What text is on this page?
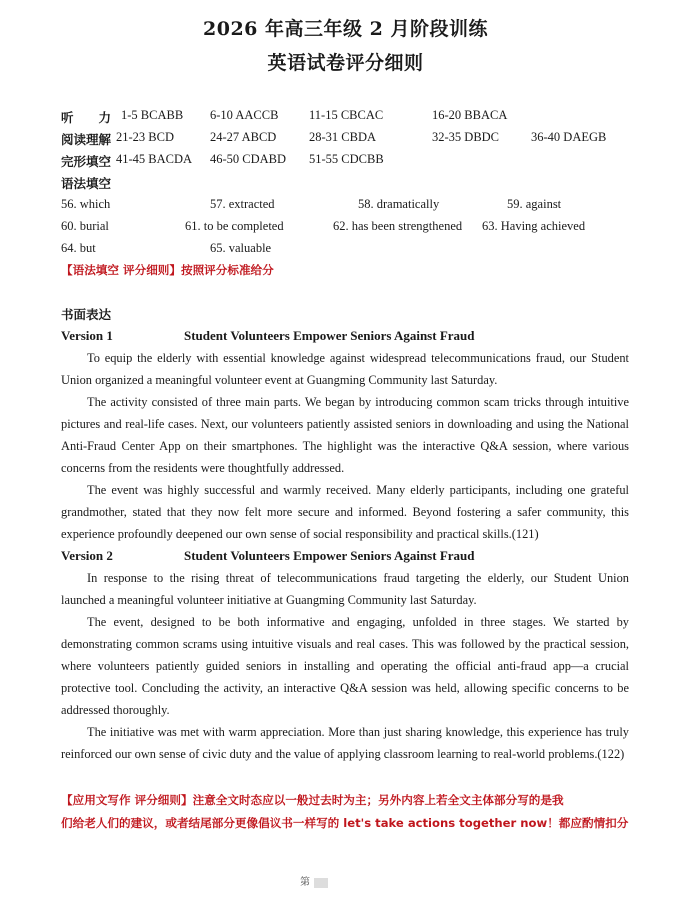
2026 年高三年级 2 月阶段训练
英语试卷评分细则
听　　力 1-5 BCABB 6-10 AACCB 11-15 CBCAC	16-20 BBACA
阅读理解 21-23 BCD	24-27 ABCD	28-31 CBDA	32-35 DBDC	36-40 DAEGB
完形填空 41-45 BACDA 46-50 CDABD 51-55 CDCBB
语法填空
56. which	57. extracted	58. dramatically	59. against
60. burial	61. to be completed	62. has been strengthened 63. Having achieved
64. but	65. valuable
【语法填空 评分细则】按照评分标准给分
书面表达
Version 1	Student Volunteers Empower Seniors Against Fraud
To equip the elderly with essential knowledge against widespread telecommunications fraud, our Student Union organized a meaningful volunteer event at Guangming Community last Saturday.
The activity consisted of three main parts. We began by introducing common scam tricks through intuitive pictures and real-life cases. Next, our volunteers patiently assisted seniors in downloading and using the National Anti-Fraud Center App on their smartphones. The highlight was the interactive Q&A session, where various concerns from the residents were thoughtfully addressed.
The event was highly successful and warmly received. Many elderly participants, including one grateful grandmother, stated that they now felt more secure and informed. Beyond fostering a safer community, this experience profoundly deepened our own sense of social responsibility and practical skills.(121)
Version 2	Student Volunteers Empower Seniors Against Fraud
In response to the rising threat of telecommunications fraud targeting the elderly, our Student Union launched a meaningful volunteer initiative at Guangming Community last Saturday.
The event, designed to be both informative and engaging, unfolded in three stages. We started by demonstrating common scrams using intuitive visuals and real cases. This was followed by the practical session, where volunteers patiently guided seniors in installing and operating the official anti-fraud app—a crucial protective tool. Concluding the activity, an interactive Q&A session was held, allowing specific concerns to be addressed thoroughly.
The initiative was met with warm appreciation. More than just sharing knowledge, this experience has truly reinforced our own sense of civic duty and the value of applying classroom learning to real-world problems.(122)
【应用文写作 评分细则】注意全文时态应以一般过去时为主；另外内容上若全文主体部分写的是我
们给老人们的建议，或者结尾部分更像倡议书一样写的 let's take actions together now！都应酌情扣分
第
